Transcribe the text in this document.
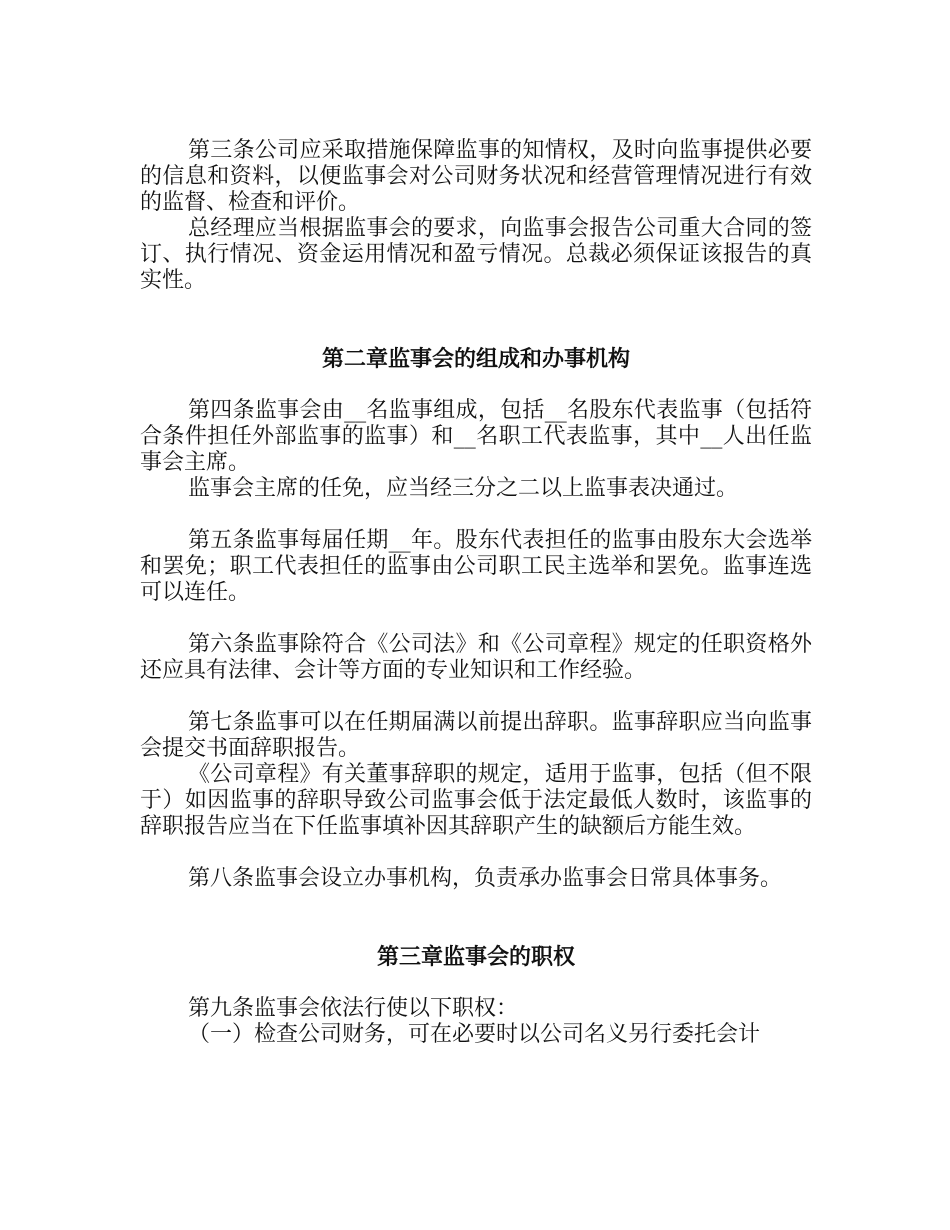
第三条公司应采取措施保障监事的知情权，及时向监事提供必要的信息和资料，以便监事会对公司财务状况和经营管理情况进行有效的监督、检查和评价。

总经理应当根据监事会的要求，向监事会报告公司重大合同的签订、执行情况、资金运用情况和盈亏情况。总裁必须保证该报告的真实性。

第二章监事会的组成和办事机构

第四条监事会由__名监事组成，包括__名股东代表监事（包括符合条件担任外部监事的监事）和__名职工代表监事，其中__人出任监事会主席。

监事会主席的任免，应当经三分之二以上监事表决通过。

第五条监事每届任期__年。股东代表担任的监事由股东大会选举和罢免；职工代表担任的监事由公司职工民主选举和罢免。监事连选可以连任。

第六条监事除符合《公司法》和《公司章程》规定的任职资格外还应具有法律、会计等方面的专业知识和工作经验。

第七条监事可以在任期届满以前提出辞职。监事辞职应当向监事会提交书面辞职报告。

《公司章程》有关董事辞职的规定，适用于监事，包括（但不限于）如因监事的辞职导致公司监事会低于法定最低人数时，该监事的辞职报告应当在下任监事填补因其辞职产生的缺额后方能生效。

第八条监事会设立办事机构，负责承办监事会日常具体事务。

第三章监事会的职权

第九条监事会依法行使以下职权：

（一）检查公司财务，可在必要时以公司名义另行委托会计
